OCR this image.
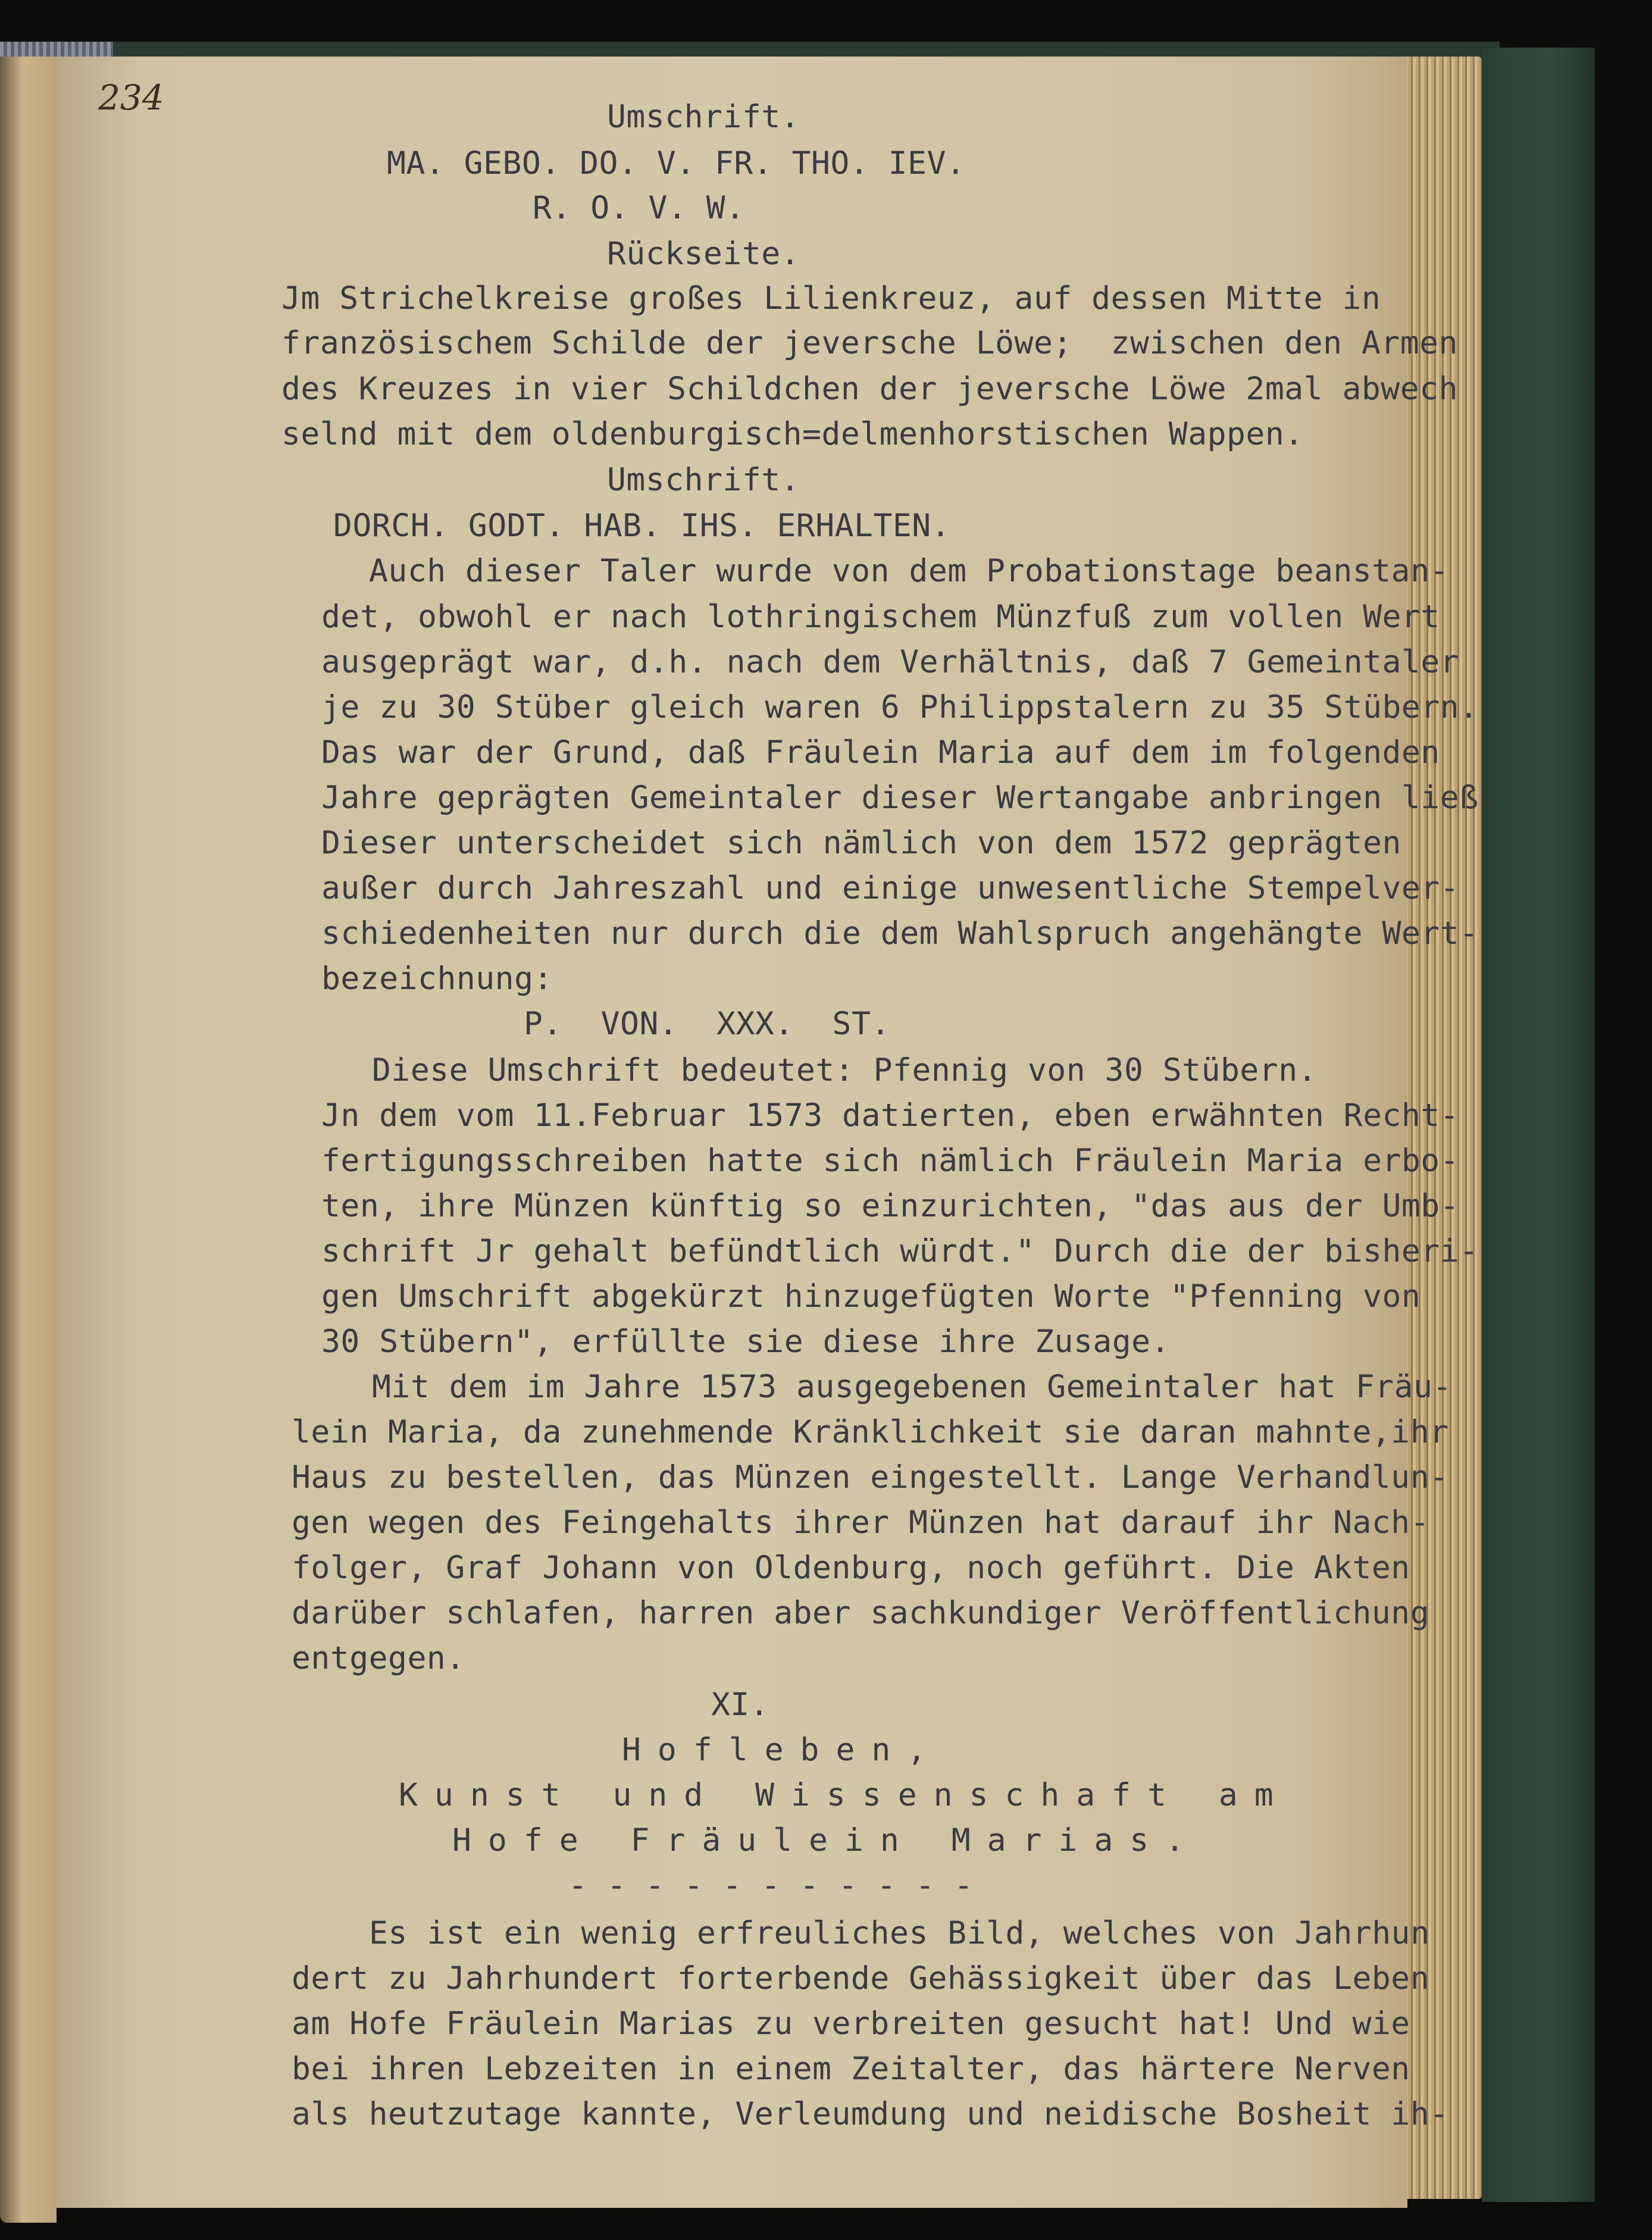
234	Umschrift.
MA. GEBO. DO. V. FR. THO. IEV.
R. O. V. W.
Rückseite.
Jm Strichelkreise großes Lilienkreuz, auf dessen Mitte in
französischem Schilde der jeversche Löwe;  zwischen den Armen
des Kreuzes in vier Schildchen der jeversche Löwe 2mal abwech
selnd mit dem oldenburgisch=delmenhorstischen Wappen.
Umschrift.
DORCH. GODT. HAB. IHS. ERHALTEN.
Auch dieser Taler wurde von dem Probationstage beanstan-
det, obwohl er nach lothringischem Münzfuß zum vollen Wert
ausgeprägt war, d.h. nach dem Verhältnis, daß 7 Gemeintaler
je zu 30 Stüber gleich waren 6 Philippstalern zu 35 Stübern.
Das war der Grund, daß Fräulein Maria auf dem im folgenden
Jahre geprägten Gemeintaler dieser Wertangabe anbringen ließ.
Dieser unterscheidet sich nämlich von dem 1572 geprägten
außer durch Jahreszahl und einige unwesentliche Stempelver-
schiedenheiten nur durch die dem Wahlspruch angehängte Wert-
bezeichnung:
P.  VON.  XXX.  ST.
Diese Umschrift bedeutet: Pfennig von 30 Stübern.
Jn dem vom 11.Februar 1573 datierten, eben erwähnten Recht-
fertigungsschreiben hatte sich nämlich Fräulein Maria erbo-
ten, ihre Münzen künftig so einzurichten, "das aus der Umb-
schrift Jr gehalt befündtlich würdt." Durch die der bisheri-
gen Umschrift abgekürzt hinzugefügten Worte "Pfenning von
30 Stübern", erfüllte sie diese ihre Zusage.
Mit dem im Jahre 1573 ausgegebenen Gemeintaler hat Fräu-
lein Maria, da zunehmende Kränklichkeit sie daran mahnte,ihr
Haus zu bestellen, das Münzen eingestellt. Lange Verhandlun-
gen wegen des Feingehalts ihrer Münzen hat darauf ihr Nach-
folger, Graf Johann von Oldenburg, noch geführt. Die Akten
darüber schlafen, harren aber sachkundiger Veröffentlichung
entgegen.
XI.
Hofleben,
Kunst und Wissenschaft am
Hofe Fräulein Marias.
- - - - - - - - - - -
Es ist ein wenig erfreuliches Bild, welches von Jahrhun
dert zu Jahrhundert forterbende Gehässigkeit über das Leben
am Hofe Fräulein Marias zu verbreiten gesucht hat! Und wie
bei ihren Lebzeiten in einem Zeitalter, das härtere Nerven
als heutzutage kannte, Verleumdung und neidische Bosheit ih-
